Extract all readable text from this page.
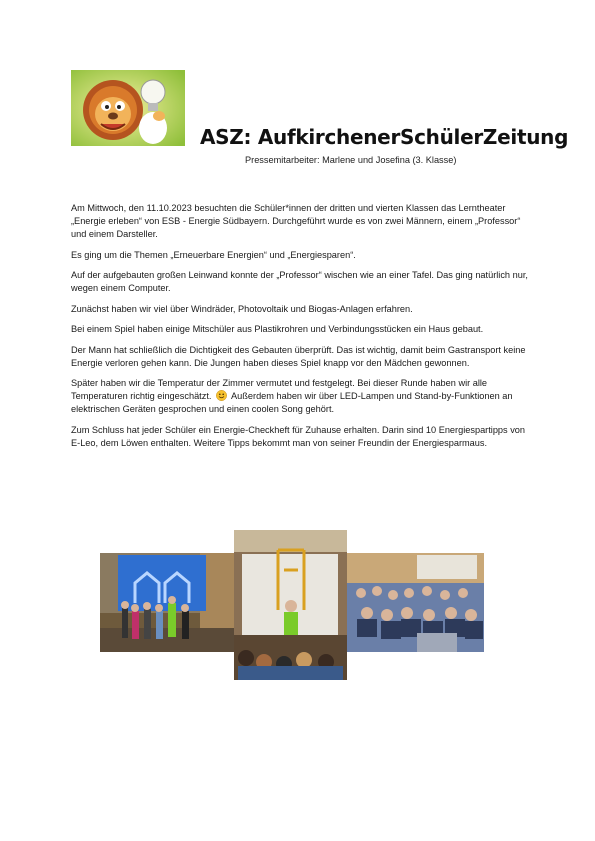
ASZ: AufkirchenerSchülerZeitung
Pressemitarbeiter: Marlene und Josefina (3. Klasse)

Am Mittwoch, den 11.10.2023 besuchten die Schüler*innen der dritten und vierten Klassen das Lerntheater „Energie erleben“ von ESB - Energie Südbayern. Durchgeführt wurde es von zwei Männern, einem „Professor“ und einem Darsteller.

Es ging um die Themen „Erneuerbare Energien“ und „Energiesparen“.

Auf der aufgebauten großen Leinwand konnte der „Professor“ wischen wie an einer Tafel. Das ging natürlich nur, wegen einem Computer.

Zunächst haben wir viel über Windräder, Photovoltaik und Biogas-Anlagen erfahren.

Bei einem Spiel haben einige Mitschüler aus Plastikrohren und Verbindungsstücken ein Haus gebaut.

Der Mann hat schließlich die Dichtigkeit des Gebauten überprüft. Das ist wichtig, damit beim Gastransport keine Energie verloren gehen kann. Die Jungen haben dieses Spiel knapp vor den Mädchen gewonnen.

Später haben wir die Temperatur der Zimmer vermutet und festgelegt. Bei dieser Runde haben wir alle Temperaturen richtig eingeschätzt. Außerdem haben wir über LED-Lampen und Stand-by-Funktionen an elektrischen Geräten gesprochen und einen coolen Song gehört.

Zum Schluss hat jeder Schüler ein Energie-Checkheft für Zuhause erhalten. Darin sind 10 Energiespartipps von E-Leo, dem Löwen enthalten. Weitere Tipps bekommt man von seiner Freundin der Energiesparmaus.
